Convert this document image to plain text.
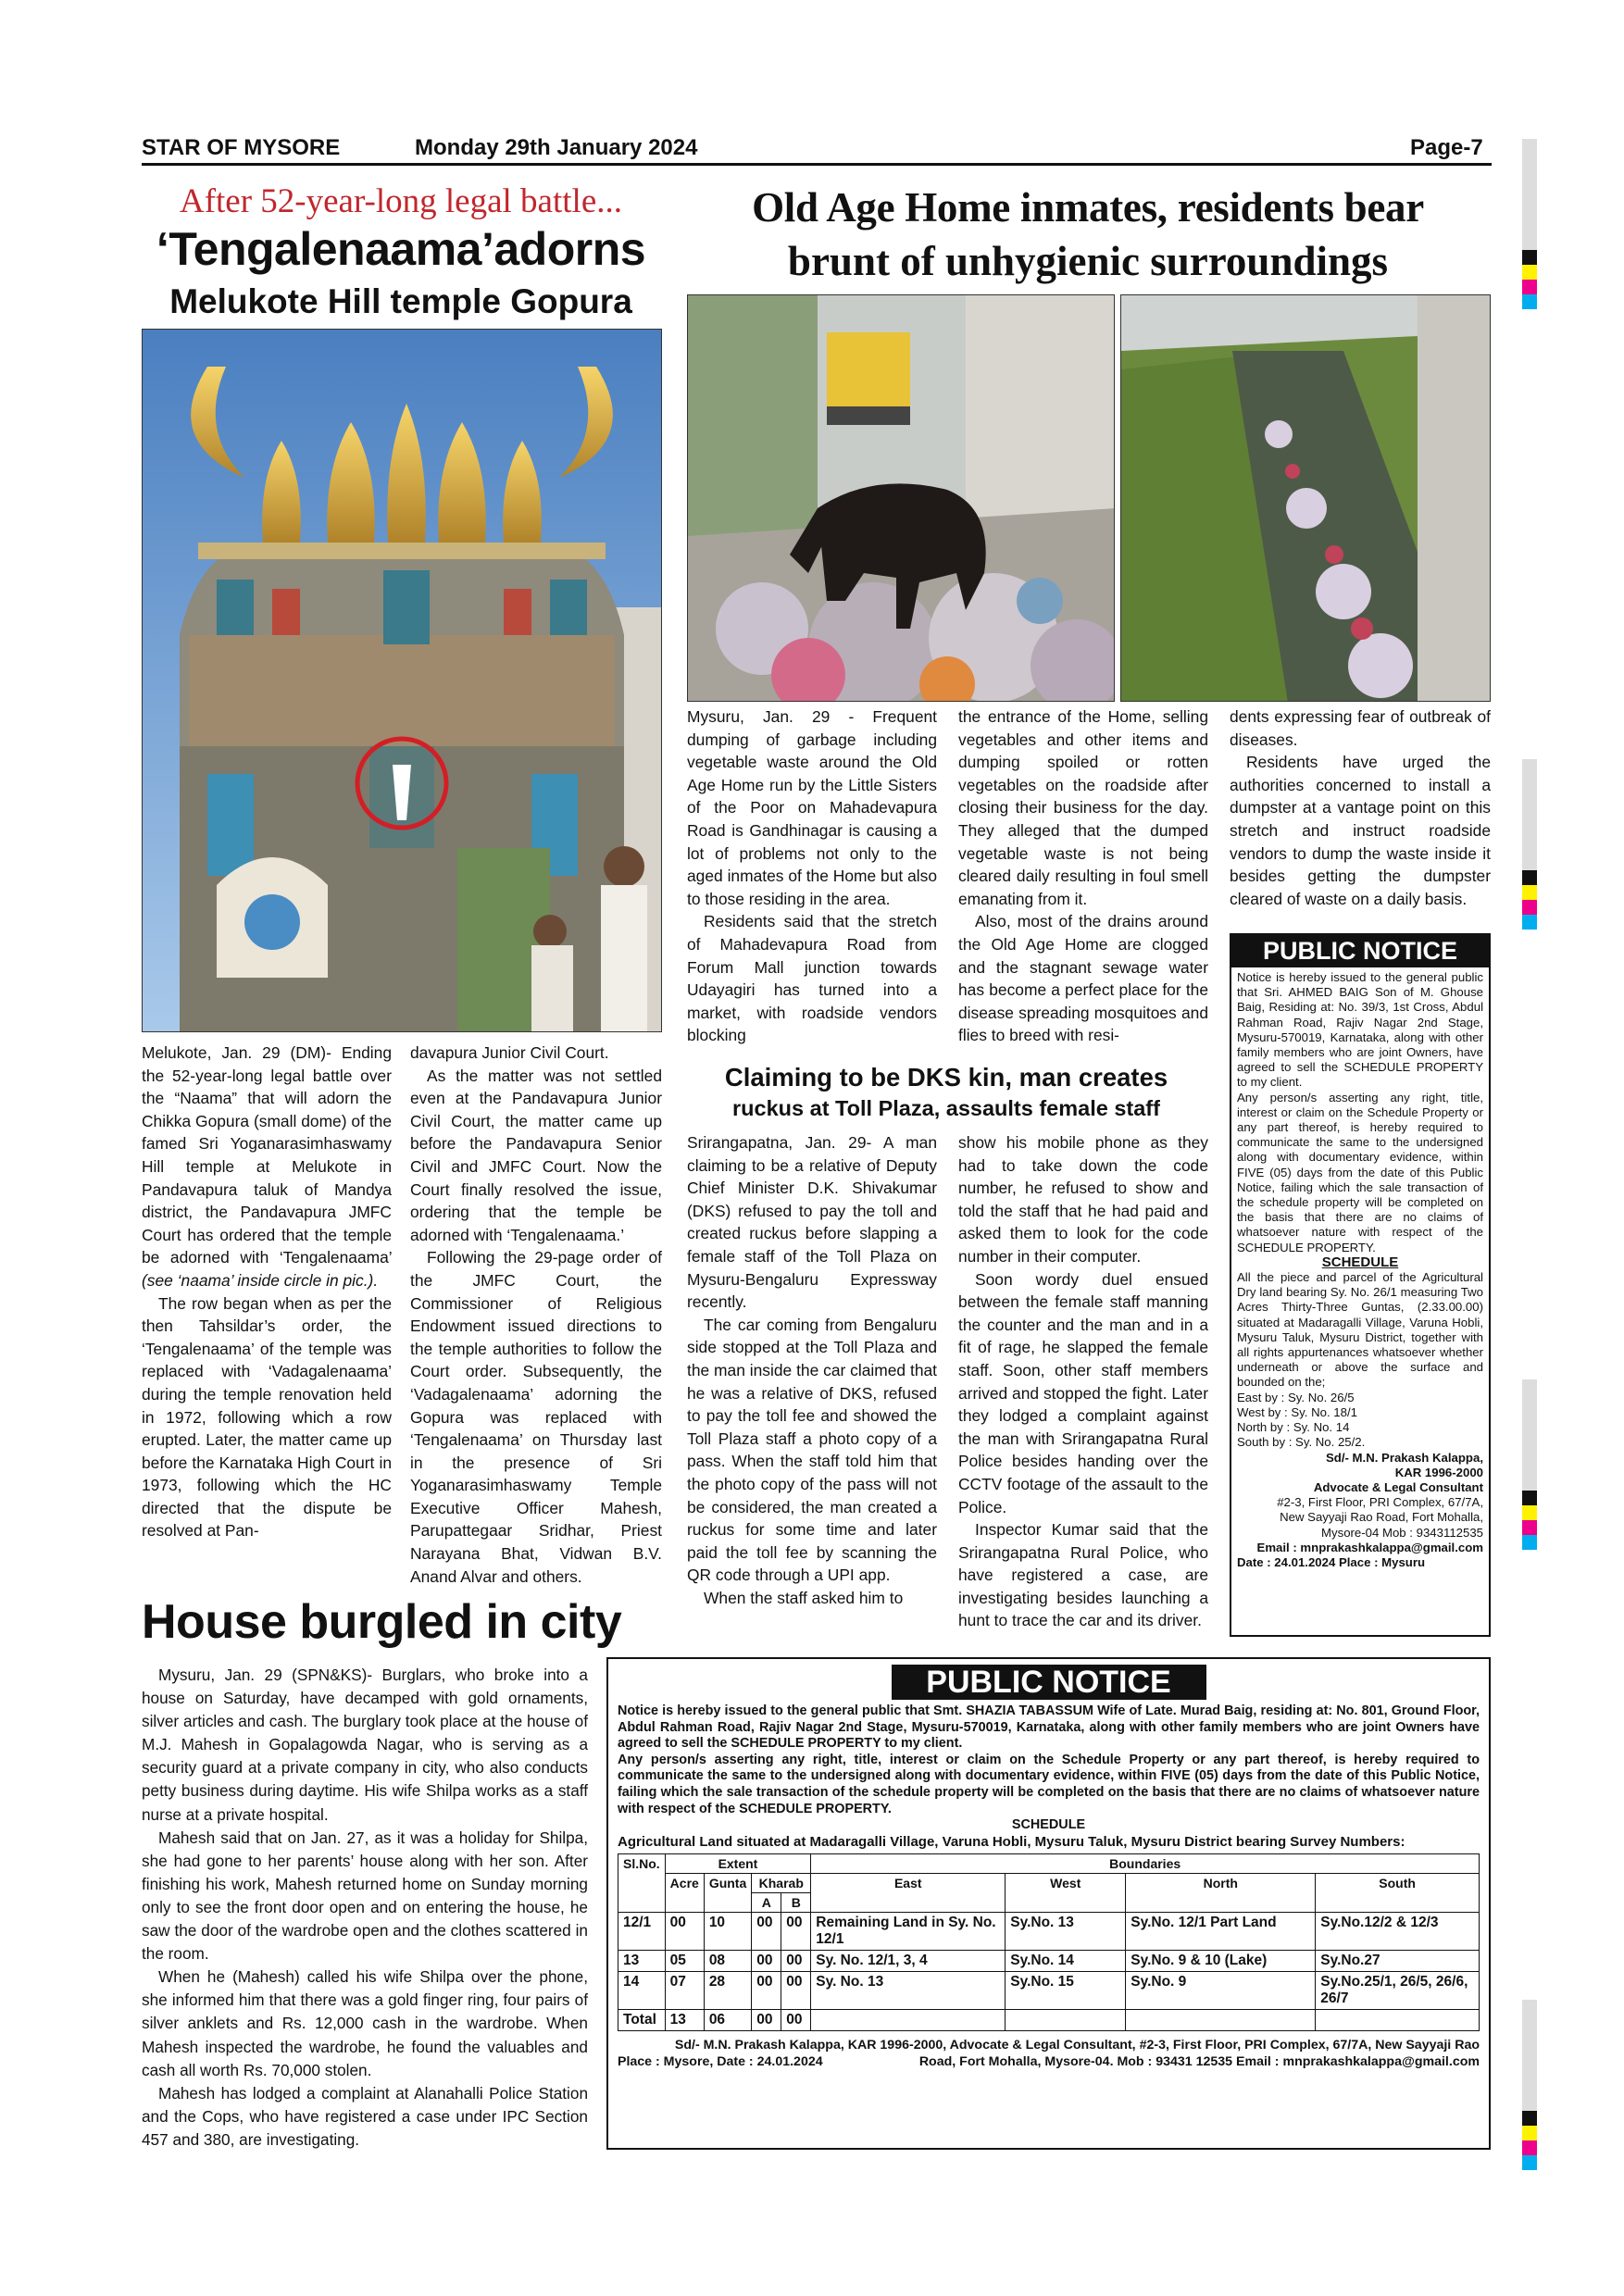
STAR OF MYSORE	Monday 29th January 2024	Page-7
After 52-year-long legal battle...
‘Tengalenaama’adorns
Melukote Hill temple Gopura

Melukote, Jan. 29 (DM)- Ending the 52-year-long legal battle over the “Naama” that will adorn the Chikka Gopura (small dome) of the famed Sri Yoganarasimhaswamy Hill temple at Melukote in Pandavapura taluk of Mandya district, the Pandavapura JMFC Court has ordered that the temple be adorned with ‘Tengalenaama’ (see ‘naama’ inside circle in pic.).

The row began when as per the then Tahsildar’s order, the ‘Tengalenaama’ of the temple was replaced with ‘Vadagalenaama’ during the temple renovation held in 1972, following which a row erupted. Later, the matter came up before the Karnataka High Court in 1973, following which the HC directed that the dispute be resolved at Pan-

davapura Junior Civil Court.

As the matter was not settled even at the Pandavapura Junior Civil Court, the matter came up before the Pandavapura Senior Civil and JMFC Court. Now the Court finally resolved the issue, ordering that the temple be adorned with ‘Tengalenaama.’

Following the 29-page order of the JMFC Court, the Commissioner of Religious Endowment issued directions to the temple authorities to follow the Court order. Subsequently, the ‘Vadagalenaama’ adorning the Gopura was replaced with ‘Tengalenaama’ on Thursday last in the presence of Sri Yoganarasimhaswamy Temple Executive Officer Mahesh, Parupattegaar Sridhar, Priest Narayana Bhat, Vidwan B.V. Anand Alvar and others.

Old Age Home inmates, residents bear
brunt of unhygienic surroundings

Mysuru, Jan. 29 - Frequent dumping of garbage including vegetable waste around the Old Age Home run by the Little Sisters of the Poor on Mahadevapura Road is Gandhinagar is causing a lot of problems not only to the aged inmates of the Home but also to those residing in the area.

Residents said that the stretch of Mahadevapura Road from Forum Mall junction towards Udayagiri has turned into a market, with roadside vendors blocking

the entrance of the Home, selling vegetables and other items and dumping spoiled or rotten vegetables on the roadside after closing their business for the day. They alleged that the dumped vegetable waste is not being cleared daily resulting in foul smell emanating from it.

Also, most of the drains around the Old Age Home are clogged and the stagnant sewage water has become a perfect place for the disease spreading mosquitoes and flies to breed with resi-

dents expressing fear of outbreak of diseases.

Residents have urged the authorities concerned to install a dumpster at a vantage point on this stretch and instruct roadside vendors to dump the waste inside it besides getting the dumpster cleared of waste on a daily basis.

Claiming to be DKS kin, man creates
ruckus at Toll Plaza, assaults female staff

Srirangapatna, Jan. 29- A man claiming to be a relative of Deputy Chief Minister D.K. Shivakumar (DKS) refused to pay the toll and created ruckus before slapping a female staff of the Toll Plaza on Mysuru-Bengaluru Expressway recently.

The car coming from Bengaluru side stopped at the Toll Plaza and the man inside the car claimed that he was a relative of DKS, refused to pay the toll fee and showed the Toll Plaza staff a photo copy of a pass. When the staff told him that the photo copy of the pass will not be considered, the man created a ruckus for some time and later paid the toll fee by scanning the QR code through a UPI app.

When the staff asked him to

show his mobile phone as they had to take down the code number, he refused to show and told the staff that he had paid and asked them to look for the code number in their computer.

Soon wordy duel ensued between the female staff manning the counter and the man and in a fit of rage, he slapped the female staff. Soon, other staff members arrived and stopped the fight. Later they lodged a complaint against the man with Srirangapatna Rural Police besides handing over the CCTV footage of the assault to the Police.

Inspector Kumar said that the Srirangapatna Rural Police, who have registered a case, are investigating besides launching a hunt to trace the car and its driver.

PUBLIC NOTICE

Notice is hereby issued to the general public that Sri. AHMED BAIG Son of M. Ghouse Baig, Residing at: No. 39/3, 1st Cross, Abdul Rahman Road, Rajiv Nagar 2nd Stage, Mysuru-570019, Karnataka, along with other family members who are joint Owners, have agreed to sell the SCHEDULE PROPERTY to my client.

Any person/s asserting any right, title, interest or claim on the Schedule Property or any part thereof, is hereby required to communicate the same to the undersigned along with documentary evidence, within FIVE (05) days from the date of this Public Notice, failing which the sale transaction of the schedule property will be completed on the basis that there are no claims of whatsoever nature with respect of the SCHEDULE PROPERTY.

SCHEDULE

All the piece and parcel of the Agricultural Dry land bearing Sy. No. 26/1 measuring Two Acres Thirty-Three Guntas, (2.33.00.00) situated at Madaragalli Village, Varuna Hobli, Mysuru Taluk, Mysuru District, together with all rights appurtenances whatsoever whether underneath or above the surface and bounded on the;

East by : Sy. No. 26/5

West by : Sy. No. 18/1

North by : Sy. No. 14

South by : Sy. No. 25/2.

Sd/- M.N. Prakash Kalappa,

KAR 1996-2000

Advocate & Legal Consultant

#2-3, First Floor, PRI Complex, 67/7A,

New Sayyaji Rao Road, Fort Mohalla,

Mysore-04 Mob : 9343112535

Email : mnprakashkalappa@gmail.com

Date : 24.01.2024 Place : Mysuru

House burgled in city

Mysuru, Jan. 29 (SPN&KS)- Burglars, who broke into a house on Saturday, have decamped with gold ornaments, silver articles and cash. The burglary took place at the house of M.J. Mahesh in Gopalagowda Nagar, who is serving as a security guard at a private company in city, who also conducts petty business during daytime. His wife Shilpa works as a staff nurse at a private hospital.

Mahesh said that on Jan. 27, as it was a holiday for Shilpa, she had gone to her parents’ house along with her son. After finishing his work, Mahesh returned home on Sunday morning only to see the front door open and on entering the house, he saw the door of the wardrobe open and the clothes scattered in the room.

When he (Mahesh) called his wife Shilpa over the phone, she informed him that there was a gold finger ring, four pairs of silver anklets and Rs. 12,000 cash in the wardrobe. When Mahesh inspected the wardrobe, he found the valuables and cash all worth Rs. 70,000 stolen.

Mahesh has lodged a complaint at Alanahalli Police Station and the Cops, who have registered a case under IPC Section 457 and 380, are investigating.

PUBLIC NOTICE

Notice is hereby issued to the general public that Smt. SHAZIA TABASSUM Wife of Late. Murad Baig, residing at: No. 801, Ground Floor, Abdul Rahman Road, Rajiv Nagar 2nd Stage, Mysuru-570019, Karnataka, along with other family members who are joint Owners have agreed to sell the SCHEDULE PROPERTY to my client.

Any person/s asserting any right, title, interest or claim on the Schedule Property or any part thereof, is hereby required to communicate the same to the undersigned along with documentary evidence, within FIVE (05) days from the date of this Public Notice, failing which the sale transaction of the schedule property will be completed on the basis that there are no claims of whatsoever nature with respect of the SCHEDULE PROPERTY.

SCHEDULE

Agricultural Land situated at Madaragalli Village, Varuna Hobli, Mysuru Taluk, Mysuru District bearing Survey Numbers:

Sl.No.	Extent				Boundaries			
	Acre	Gunta	Kharab		East	West	North	South
			A	B				
12/1	00	10	00	00	Remaining Land in Sy. No. 12/1	Sy.No. 13	Sy.No. 12/1 Part Land	Sy.No.12/2 & 12/3
13	05	08	00	00	Sy. No. 12/1, 3, 4	Sy.No. 14	Sy.No. 9 & 10 (Lake)	Sy.No.27
14	07	28	00	00	Sy. No. 13	Sy.No. 15	Sy.No. 9	Sy.No.25/1, 26/5, 26/6, 26/7
Total	13	06	00	00				
Sd/- M.N. Prakash Kalappa, KAR 1996-2000, Advocate & Legal Consultant, #2-3, First Floor, PRI Complex, 67/7A, New Sayyaji Rao
Place : Mysore, Date : 24.01.2024	Road, Fort Mohalla, Mysore-04. Mob : 93431 12535 Email : mnprakashkalappa@gmail.com
